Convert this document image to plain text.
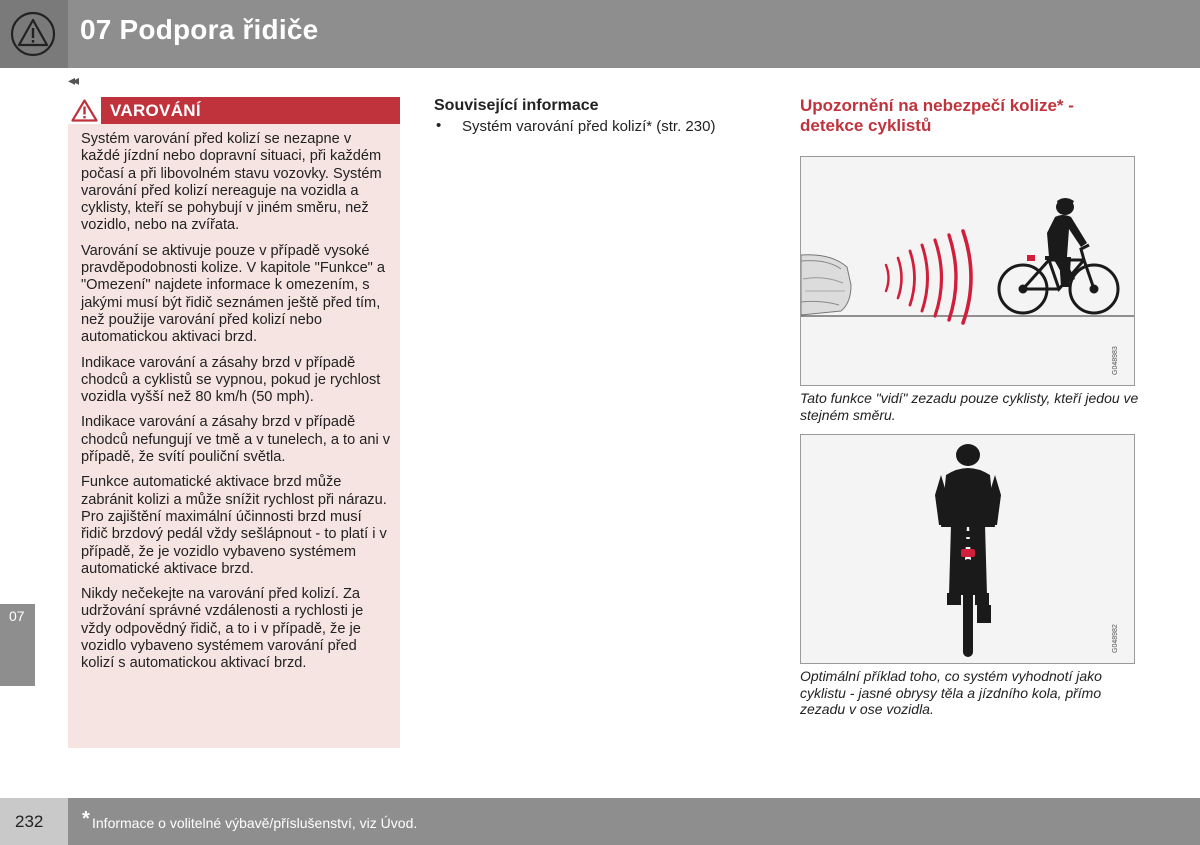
07 Podpora řidiče
◂◂
07
VAROVÁNÍ

Systém varování před kolizí se nezapne v každé jízdní nebo dopravní situaci, při každém počasí a při libovolném stavu vozovky. Systém varování před kolizí nereaguje na vozidla a cyklisty, kteří se pohybují v jiném směru, než vozidlo, nebo na zvířata.

Varování se aktivuje pouze v případě vysoké pravděpodobnosti kolize. V kapitole "Funkce" a "Omezení" najdete informace k omezením, s jakými musí být řidič seznámen ještě před tím, než použije varování před kolizí nebo automatickou aktivaci brzd.

Indikace varování a zásahy brzd v případě chodců a cyklistů se vypnou, pokud je rychlost vozidla vyšší než 80 km/h (50 mph).

Indikace varování a zásahy brzd v případě chodců nefungují ve tmě a v tunelech, a to ani v případě, že svítí pouliční světla.

Funkce automatické aktivace brzd může zabránit kolizi a může snížit rychlost při nárazu. Pro zajištění maximální účinnosti brzd musí řidič brzdový pedál vždy sešlápnout - to platí i v případě, že je vozidlo vybaveno systémem automatické aktivace brzd.

Nikdy nečekejte na varování před kolizí. Za udržování správné vzdálenosti a rychlosti je vždy odpovědný řidič, a to i v případě, že je vozidlo vybaveno systémem varování před kolizí s automatickou aktivací brzd.

Související informace
• Systém varování před kolizí* (str. 230)
Upozornění na nebezpečí kolize* - detekce cyklistů
G048983
Tato funkce "vidí" zezadu pouze cyklisty, kteří jedou ve stejném směru.
G048982
Optimální příklad toho, co systém vyhodnotí jako cyklistu - jasné obrysy těla a jízdního kola, přímo zezadu v ose vozidla.
232 * Informace o volitelné výbavě/příslušenství, viz Úvod.
